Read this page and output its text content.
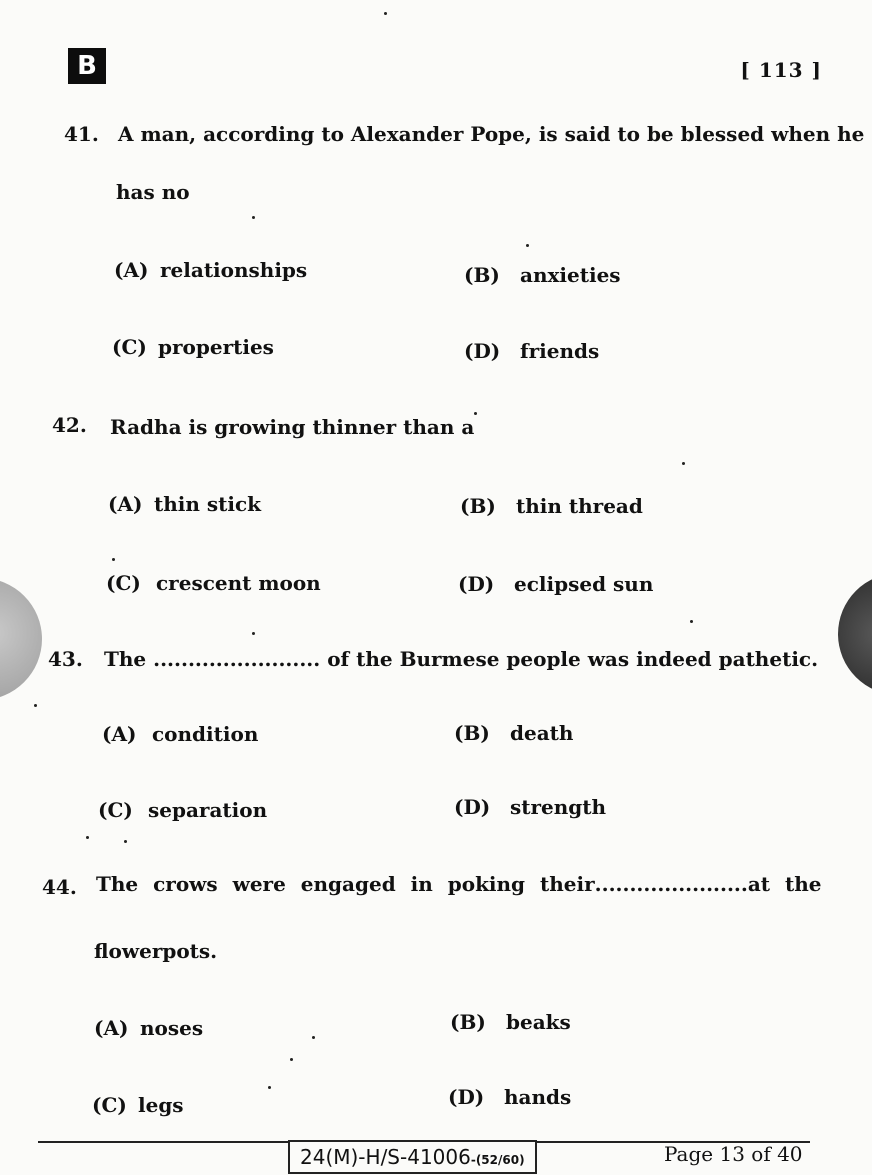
B	[ 113 ]
41. A man, according to Alexander Pope, is said to be blessed when he
has no
(A) relationships	(B) anxieties
(C) properties	(D) friends
42. Radha is growing thinner than a
(A) thin stick	(B) thin thread
(C) crescent moon	(D) eclipsed sun
43. The ........................ of the Burmese people was indeed pathetic.
(A) condition	(B) death
(C) separation	(D) strength
44. The crows were engaged in poking their ...................... at the
flowerpots.
(A) noses	(B) beaks
(C) legs	(D) hands
24(M)-H/S-41006-(52/60)	Page 13 of 40
